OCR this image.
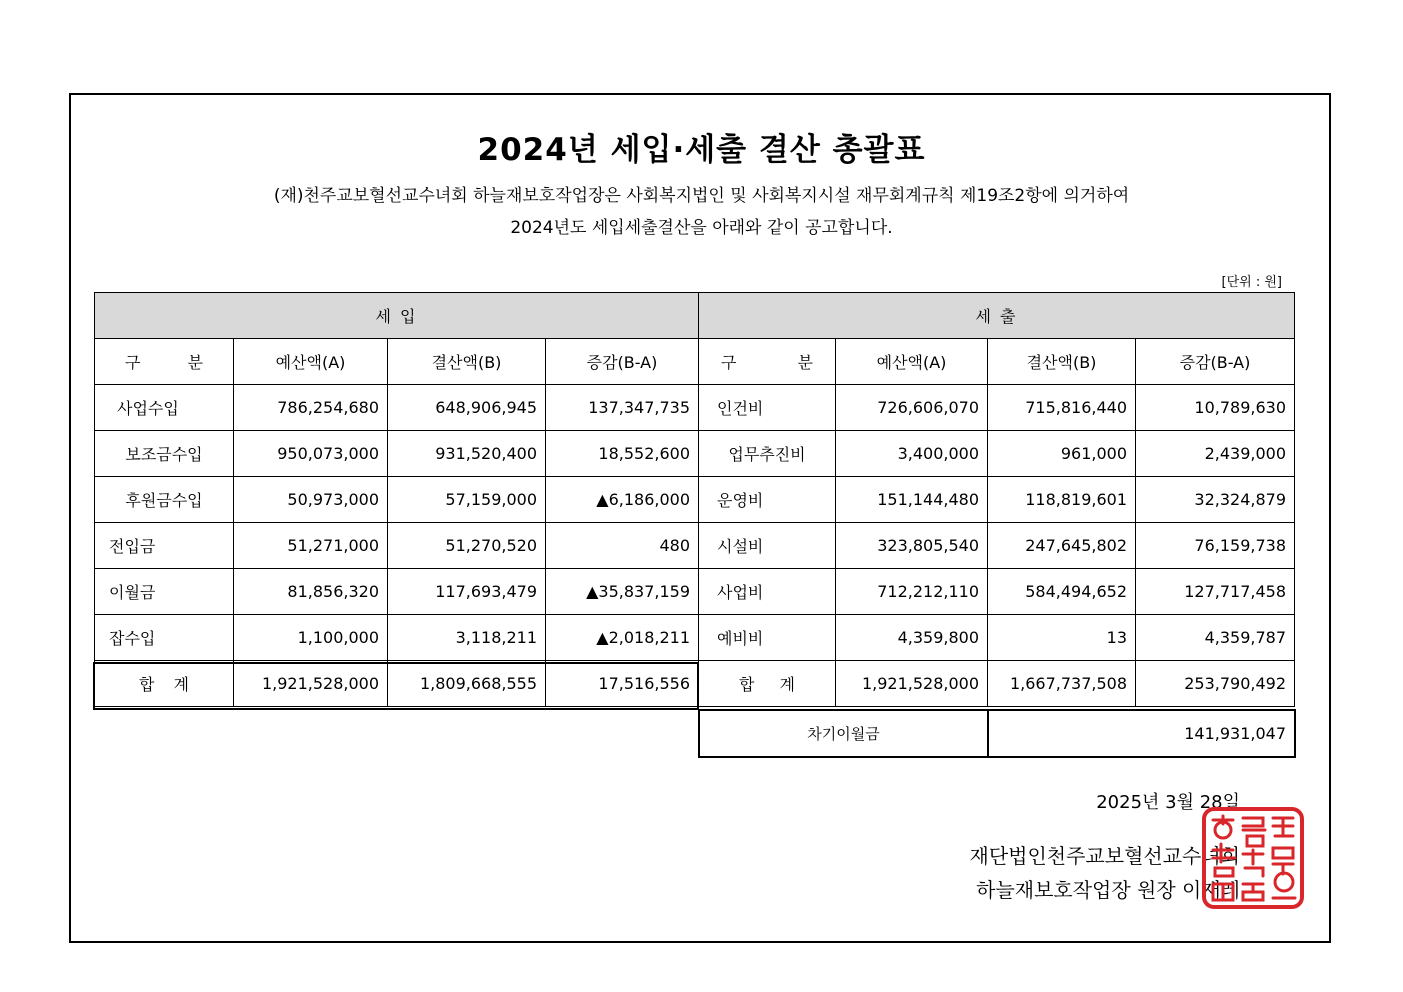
2024년 세입·세출 결산 총괄표
(재)천주교보혈선교수녀회 하늘재보호작업장은 사회복지법인 및 사회복지시설 재무회계규칙 제19조2항에 의거하여
2024년도 세입세출결산을 아래와 같이 공고합니다.
[단위 : 원]
세 입			
구 분	예산액(A)	결산액(B)	증감(B-A)
사업수입	786,254,680	648,906,945	137,347,735
보조금수입	950,073,000	931,520,400	18,552,600
후원금수입	50,973,000	57,159,000	▲6,186,000
전입금	51,271,000	51,270,520	480
이월금	81,856,320	117,693,479	▲35,837,159
잡수입	1,100,000	3,118,211	▲2,018,211
합 계	1,921,528,000	1,809,668,555	17,516,556
세 출			
구 분	예산액(A)	결산액(B)	증감(B-A)
인건비	726,606,070	715,816,440	10,789,630
업무추진비	3,400,000	961,000	2,439,000
운영비	151,144,480	118,819,601	32,324,879
시설비	323,805,540	247,645,802	76,159,738
사업비	712,212,110	584,494,652	127,717,458
예비비	4,359,800	13	4,359,787
합 계	1,921,528,000	1,667,737,508	253,790,492
차기이월금	141,931,047
2025년 3월 28일
재단법인천주교보혈선교수녀회
하늘재보호작업장 원장 이재레
